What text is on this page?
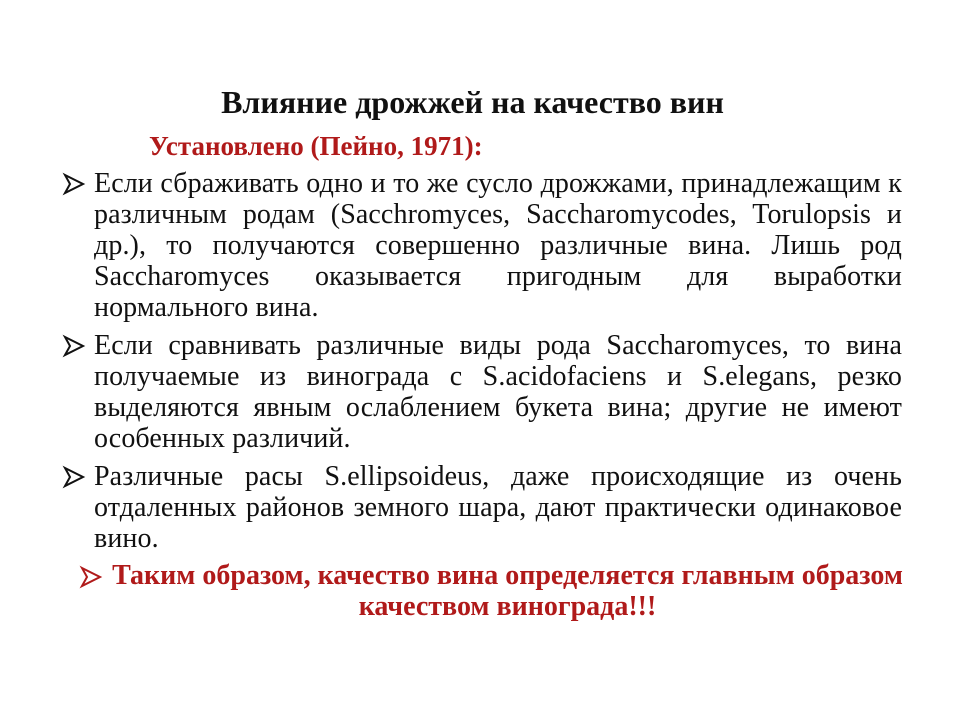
Влияние дрожжей на качество вин
Установлено (Пейно, 1971):
Если сбраживать одно и то же сусло дрожжами, принадлежащим к различным родам (Sacchromyces, Saccharomycodes, Torulopsis и др.), то получаются совершенно различные вина. Лишь род Saccharomyces оказывается пригодным для выработки нормального вина.
Если сравнивать различные виды рода Saccharomyces, то вина получаемые из винограда с S.acidofaciens и S.elegans, резко выделяются явным ослаблением букета вина; другие не имеют особенных различий.
Различные расы S.ellipsoideus, даже происходящие из очень отдаленных районов земного шара, дают практически одинаковое вино.
Таким образом, качество вина определяется главным образом качеством винограда!!!
